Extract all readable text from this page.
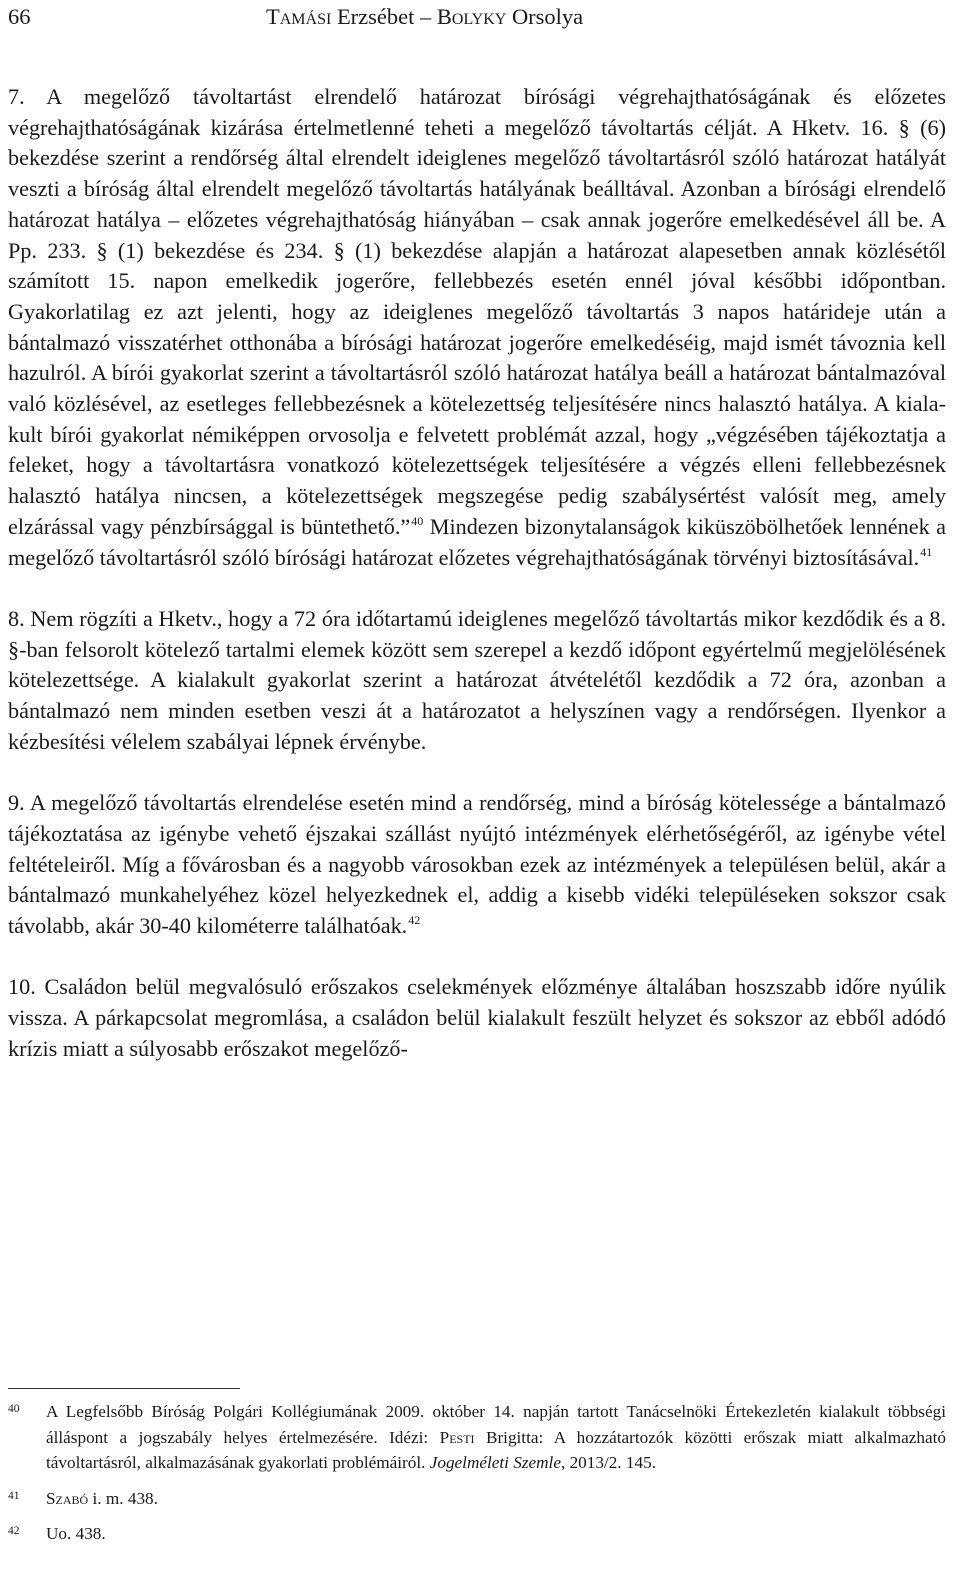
66	Tamási Erzsébet – Bolyky Orsolya

7. A megelőző távoltartást elrendelő határozat bírósági végrehajthatóságának és előzetes végrehajthatóságának kizárása értelmetlenné teheti a megelőző távoltartás célját. A Hketv. 16. § (6) bekezdése szerint a rendőrség által elrendelt ideiglenes megelőző távoltartásról szóló határozat hatályát veszti a bíróság által elrendelt megelőző távoltartás hatályának beálltával. Azonban a bírósági elrendelő határozat hatálya – előzetes végrehajthatóság hiányában – csak annak jogerőre emelkedésével áll be. A Pp. 233. § (1) bekezdése és 234. § (1) bekezdése alapján a határozat alapesetben annak közlésétől számított 15. napon emelkedik jogerőre, fellebbezés esetén ennél jóval későbbi időpontban. Gyakorlatilag ez azt jelenti, hogy az ideiglenes megelőző távoltartás 3 napos határideje után a bántalmazó visszatérhet otthonába a bírósági határozat jogerőre emelkedéséig, majd ismét távoznia kell hazulról. A bírói gyakorlat szerint a távoltartásról szóló határozat hatálya beáll a határozat bántalmazóval való közlésével, az esetleges fellebbezésnek a kötelezettség teljesítésére nincs halasztó hatálya. A kialakult bírói gyakorlat némiképpen orvosolja e felvetett problémát azzal, hogy „végzésében tájékoztatja a feleket, hogy a távoltartásra vonatkozó kötelezettségek teljesítésére a végzés elleni fellebbezésnek halasztó hatálya nincsen, a kötelezettségek megszegése pedig szabálysértést valósít meg, amely elzárással vagy pénzbírsággal is büntethető.”$^{40}$ Mindezen bizonytalanságok kiküszöbölhetőek lennének a megelőző távoltartásról szóló bírósági határozat előzetes végrehajthatóságának törvényi biztosításával.$^{41}$

8. Nem rögzíti a Hketv., hogy a 72 óra időtartamú ideiglenes megelőző távoltartás mikor kezdődik és a 8. §-ban felsorolt kötelező tartalmi elemek között sem szerepel a kezdő időpont egyértelmű megjelölésének kötelezettsége. A kialakult gyakorlat szerint a határozat átvételétől kezdődik a 72 óra, azonban a bántalmazó nem minden esetben veszi át a határozatot a helyszínen vagy a rendőrségen. Ilyenkor a kézbesítési vélelem szabályai lépnek érvénybe.

9. A megelőző távoltartás elrendelése esetén mind a rendőrség, mind a bíróság kötelessége a bántalmazó tájékoztatása az igénybe vehető éjszakai szállást nyújtó intézmények elérhetőségéről, az igénybe vétel feltételeiről. Míg a fővárosban és a nagyobb városokban ezek az intézmények a településen belül, akár a bántalmazó munkahelyéhez közel helyezkednek el, addig a kisebb vidéki településeken sokszor csak távolabb, akár 30-40 kilométerre találhatóak.$^{42}$

10. Családon belül megvalósuló erőszakos cselekmények előzménye általában hoszszabb időre nyúlik vissza. A párkapcsolat megromlása, a családon belül kialakult feszült helyzet és sokszor az ebből adódó krízis miatt a súlyosabb erőszakot megelőző-

40 A Legfelsőbb Bíróság Polgári Kollégiumának 2009. október 14. napján tartott Tanácselnöki Értekezletén kialakult többségi álláspont a jogszabály helyes értelmezésére. Idézi: Pesti Brigitta: A hozzátartozók közötti erőszak miatt alkalmazható távoltartásról, alkalmazásának gyakorlati problémáiról. Jogelméleti Szemle, 2013/2. 145.

41 Szabó i. m. 438.

42 Uo. 438.
